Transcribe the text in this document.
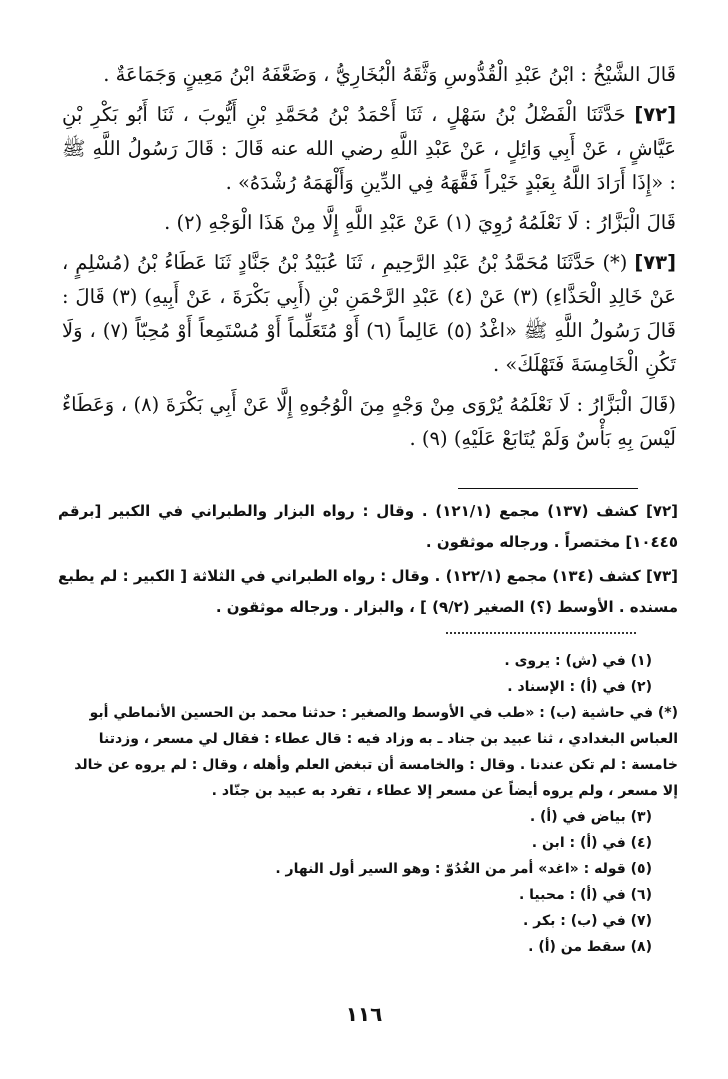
قَالَ الشَّيْخُ : ابْنُ عَبْدِ الْقُدُّوسِ وَثَّقَهُ الْبُخَارِيُّ ، وَضَعَّفَهُ ابْنُ مَعِينٍ وَجَمَاعَةٌ .

[٧٢] حَدَّثَنَا الْفَضْلُ بْنُ سَهْلٍ ، ثَنَا أَحْمَدُ بْنُ مُحَمَّدِ بْنِ أَيُّوبَ ، ثَنَا أَبُو بَكْرِ بْنِ عَيَّاشٍ ، عَنْ أَبِي وَائِلٍ ، عَنْ عَبْدِ اللَّهِ رضي الله عنه قَالَ : قَالَ رَسُولُ اللَّهِ ﷺ : «إِذَا أَرَادَ اللَّهُ بِعَبْدٍ خَيْراً فَقَّهَهُ فِي الدِّينِ وَأَلْهَمَهُ رُشْدَهُ» .

قَالَ الْبَزَّارُ : لَا نَعْلَمُهُ رُوِيَ (١) عَنْ عَبْدِ اللَّهِ إِلَّا مِنْ هَذَا الْوَجْهِ (٢) .

[٧٣] (*) حَدَّثَنَا مُحَمَّدُ بْنُ عَبْدِ الرَّحِيمِ ، ثَنَا عُبَيْدُ بْنُ جَنَّادٍ ثَنَا عَطَاءُ بْنُ (مُسْلِمٍ ، عَنْ خَالِدِ الْحَذَّاءِ) (٣) عَنْ (٤) عَبْدِ الرَّحْمَنِ بْنِ (أَبِي بَكْرَةَ ، عَنْ أَبِيهِ) (٣) قَالَ : قَالَ رَسُولُ اللَّهِ ﷺ «اغْدُ (٥) عَالِماً (٦) أَوْ مُتَعَلِّماً أَوْ مُسْتَمِعاً أَوْ مُحِبّاً (٧) ، وَلَا تَكُنِ الْخَامِسَةَ فَتَهْلَكَ» .

(قَالَ الْبَزَّارُ : لَا نَعْلَمُهُ يُرْوَى مِنْ وَجْهٍ مِنَ الْوُجُوهِ إِلَّا عَنْ أَبِي بَكْرَةَ (٨) ، وَعَطَاءٌ لَيْسَ بِهِ بَأْسٌ وَلَمْ يُتَابَعْ عَلَيْهِ) (٩) .

[٧٢] كشف (١٣٧) مجمع (١٢١/١) . وقال : رواه البزار والطبراني في الكبير [برقم ١٠٤٤٥] مختصراً . ورجاله موثقون .

[٧٣] كشف (١٣٤) مجمع (١٢٢/١) . وقال : رواه الطبراني في الثلاثة [ الكبير : لم يطبع مسنده . الأوسط (؟) الصغير (٩/٢) ] ، والبزار . ورجاله موثقون .

(١) في (ش) : يروى .

(٢) في (أ) : الإسناد .

(*) في حاشية (ب) : «طب في الأوسط والصغير : حدثنا محمد بن الحسين الأنماطي أبو العباس البغدادي ، ثنا عبيد بن جناد ـ به وزاد فيه : قال عطاء : فقال لي مسعر ، وزدتنا خامسة : لم تكن عندنا . وقال : والخامسة أن تبغض العلم وأهله ، وقال : لم يروه عن خالد إلا مسعر ، ولم يروه أيضاً عن مسعر إلا عطاء ، تفرد به عبيد بن جنّاد .

(٣) بياض في (أ) .

(٤) في (أ) : ابن .

(٥) قوله : «اغد» أمر من الغُدُوّ : وهو السير أول النهار .

(٦) في (أ) : محبيا .

(٧) في (ب) : بكر .

(٨) سقط من (أ) .

١١٦
